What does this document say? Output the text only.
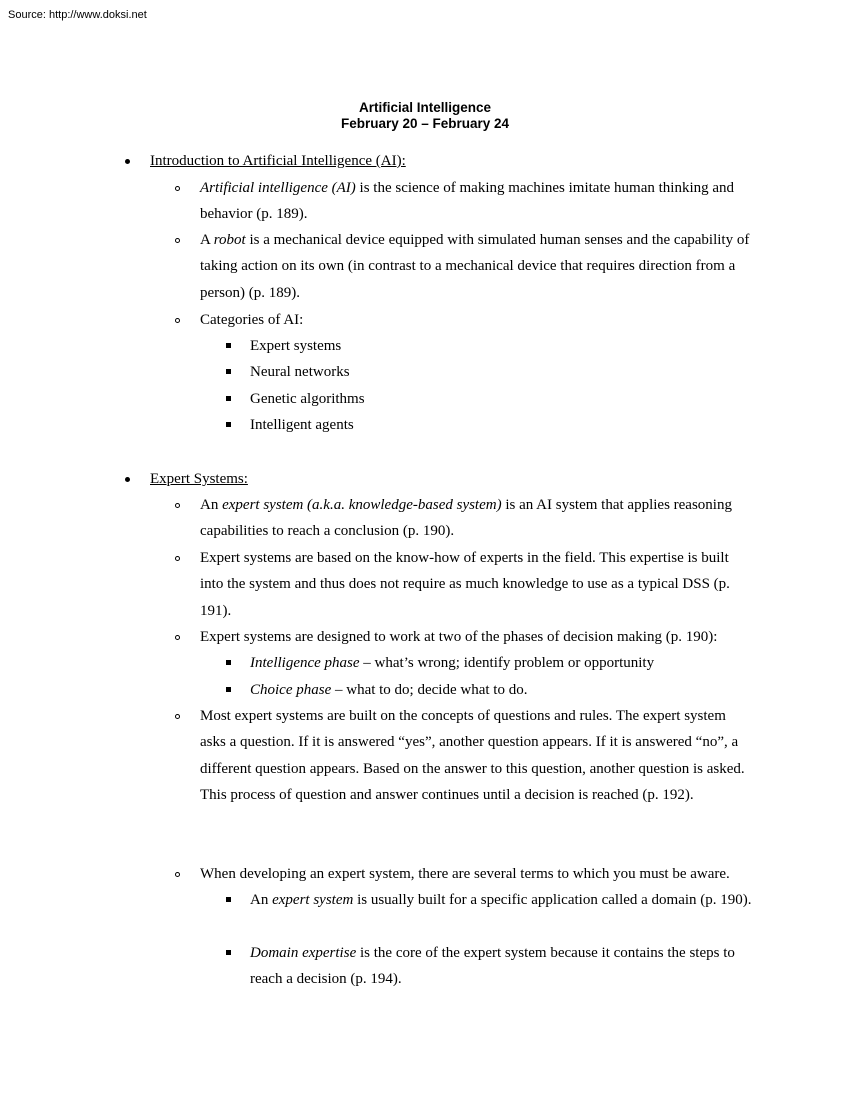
Source: http://www.doksi.net
Artificial Intelligence
February 20 – February 24
Introduction to Artificial Intelligence (AI):
Artificial intelligence (AI) is the science of making machines imitate human thinking and behavior (p. 189).
A robot is a mechanical device equipped with simulated human senses and the capability of taking action on its own (in contrast to a mechanical device that requires direction from a person) (p. 189).
Categories of AI:
Expert systems
Neural networks
Genetic algorithms
Intelligent agents
Expert Systems:
An expert system (a.k.a. knowledge-based system) is an AI system that applies reasoning capabilities to reach a conclusion (p. 190).
Expert systems are based on the know-how of experts in the field. This expertise is built into the system and thus does not require as much knowledge to use as a typical DSS (p. 191).
Expert systems are designed to work at two of the phases of decision making (p. 190):
Intelligence phase – what’s wrong; identify problem or opportunity
Choice phase – what to do; decide what to do.
Most expert systems are built on the concepts of questions and rules. The expert system asks a question. If it is answered “yes”, another question appears. If it is answered “no”, a different question appears. Based on the answer to this question, another question is asked. This process of question and answer continues until a decision is reached (p. 192).
When developing an expert system, there are several terms to which you must be aware.
An expert system is usually built for a specific application called a domain (p. 190).
Domain expertise is the core of the expert system because it contains the steps to reach a decision (p. 194).
